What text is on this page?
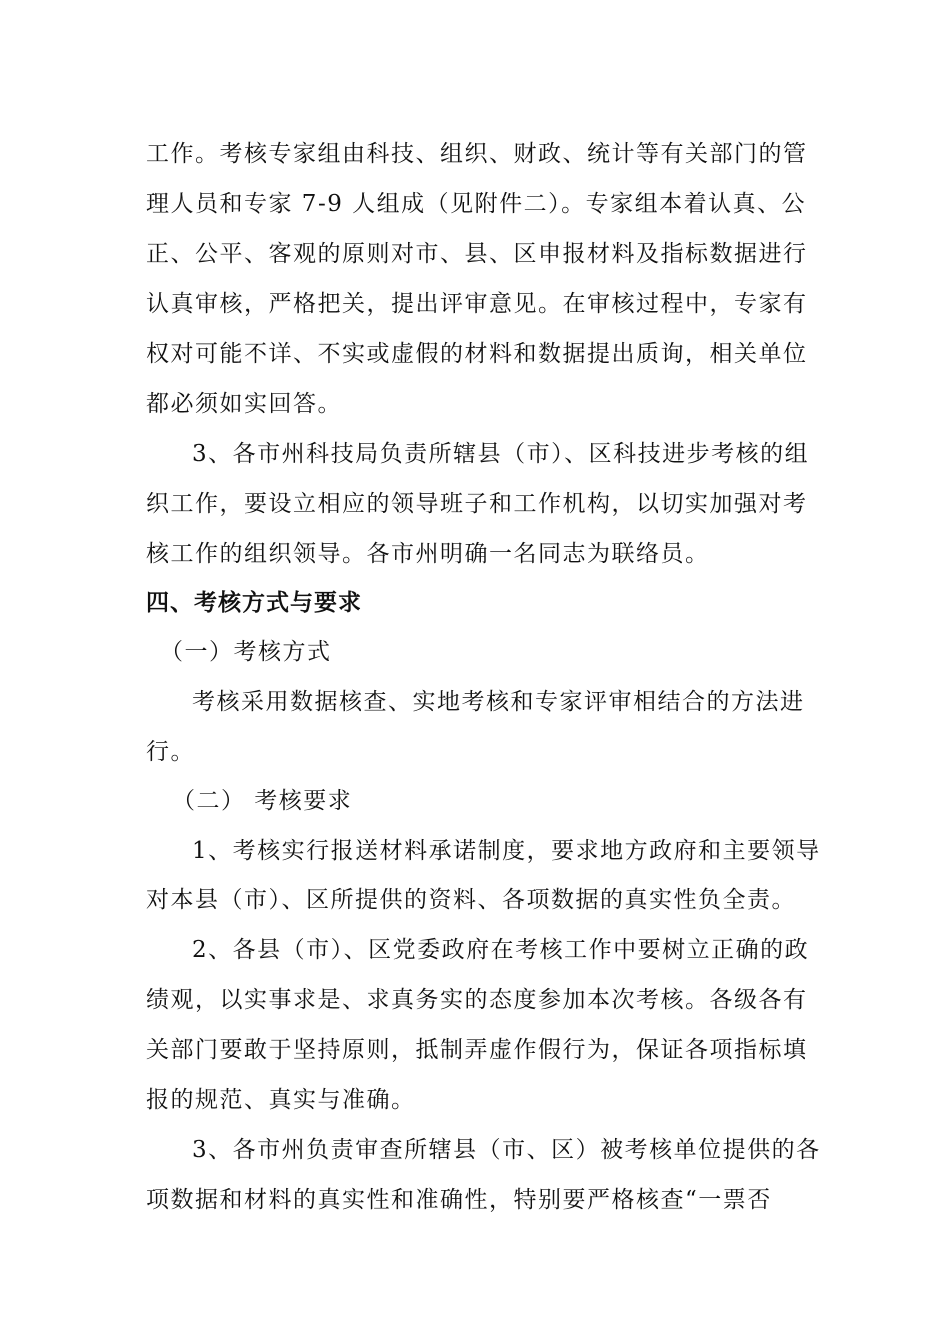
工作。考核专家组由科技、组织、财政、统计等有关部门的管
理人员和专家 7-9 人组成（见附件二）。专家组本着认真、公
正、公平、客观的原则对市、县、区申报材料及指标数据进行
认真审核，严格把关，提出评审意见。在审核过程中，专家有
权对可能不详、不实或虚假的材料和数据提出质询，相关单位
都必须如实回答。
3、各市州科技局负责所辖县（市）、区科技进步考核的组
织工作，要设立相应的领导班子和工作机构，以切实加强对考
核工作的组织领导。各市州明确一名同志为联络员。
四、考核方式与要求
（一）考核方式
考核采用数据核查、实地考核和专家评审相结合的方法进
行。
（二） 考核要求
1、考核实行报送材料承诺制度，要求地方政府和主要领导
对本县（市）、区所提供的资料、各项数据的真实性负全责。
2、各县（市）、区党委政府在考核工作中要树立正确的政
绩观，以实事求是、求真务实的态度参加本次考核。各级各有
关部门要敢于坚持原则，抵制弄虚作假行为，保证各项指标填
报的规范、真实与准确。
3、各市州负责审查所辖县（市、区）被考核单位提供的各
项数据和材料的真实性和准确性，特别要严格核查“一票否
